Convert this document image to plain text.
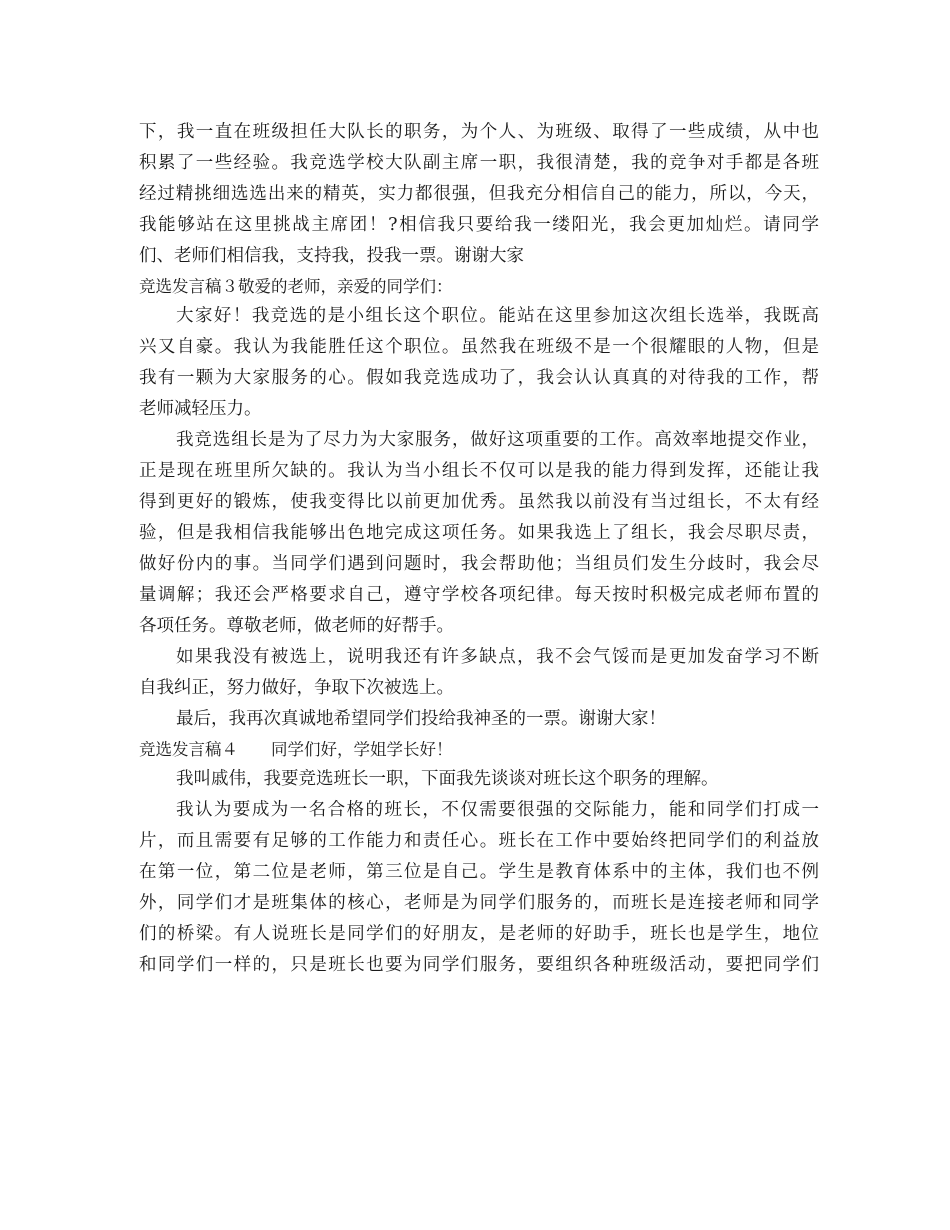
下，我一直在班级担任大队长的职务，为个人、为班级、取得了一些成绩，从中也
积累了一些经验。我竞选学校大队副主席一职，我很清楚，我的竞争对手都是各班
经过精挑细选选出来的精英，实力都很强，但我充分相信自己的能力，所以，今天，
我能够站在这里挑战主席团！?相信我只要给我一缕阳光，我会更加灿烂。请同学
们、老师们相信我，支持我，投我一票。谢谢大家
竞选发言稿３敬爱的老师，亲爱的同学们：
大家好！我竞选的是小组长这个职位。能站在这里参加这次组长选举，我既高
兴又自豪。我认为我能胜任这个职位。虽然我在班级不是一个很耀眼的人物，但是
我有一颗为大家服务的心。假如我竞选成功了，我会认认真真的对待我的工作，帮
老师减轻压力。
我竞选组长是为了尽力为大家服务，做好这项重要的工作。高效率地提交作业，
正是现在班里所欠缺的。我认为当小组长不仅可以是我的能力得到发挥，还能让我
得到更好的锻炼，使我变得比以前更加优秀。虽然我以前没有当过组长，不太有经
验，但是我相信我能够出色地完成这项任务。如果我选上了组长，我会尽职尽责，
做好份内的事。当同学们遇到问题时，我会帮助他；当组员们发生分歧时，我会尽
量调解；我还会严格要求自己，遵守学校各项纪律。每天按时积极完成老师布置的
各项任务。尊敬老师，做老师的好帮手。
如果我没有被选上，说明我还有许多缺点，我不会气馁而是更加发奋学习不断
自我纠正，努力做好，争取下次被选上。
最后，我再次真诚地希望同学们投给我神圣的一票。谢谢大家！
竞选发言稿４　　同学们好，学姐学长好！
我叫戚伟，我要竞选班长一职，下面我先谈谈对班长这个职务的理解。
我认为要成为一名合格的班长，不仅需要很强的交际能力，能和同学们打成一
片，而且需要有足够的工作能力和责任心。班长在工作中要始终把同学们的利益放
在第一位，第二位是老师，第三位是自己。学生是教育体系中的主体，我们也不例
外，同学们才是班集体的核心，老师是为同学们服务的，而班长是连接老师和同学
们的桥梁。有人说班长是同学们的好朋友，是老师的好助手，班长也是学生，地位
和同学们一样的，只是班长也要为同学们服务，要组织各种班级活动，要把同学们
